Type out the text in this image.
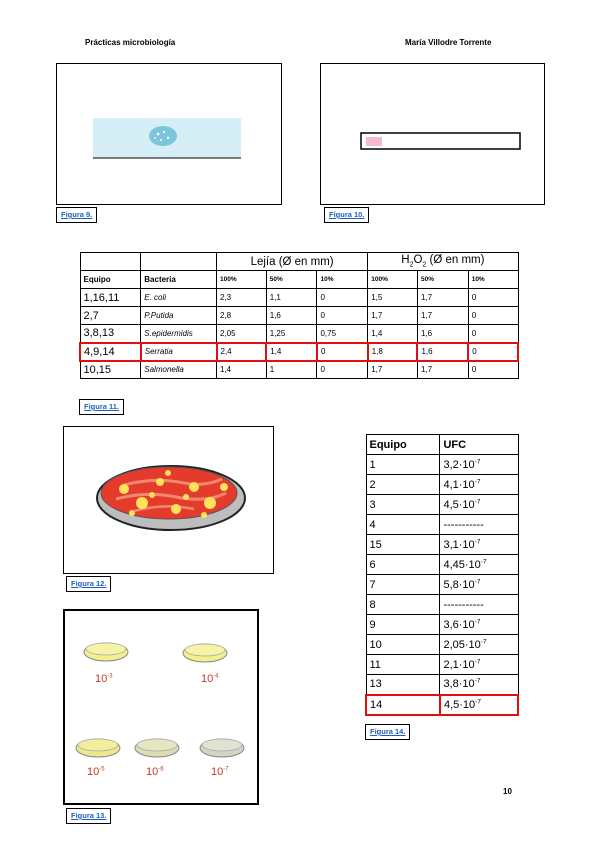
Prácticas microbiología	María Villodre Torrente
Figura 9.	Figura 10.
		Lejía (Ø en mm)			$H_2O_2$ (Ø en mm)		
Equipo	Bacteria	100%	50%	10%	100%	50%	10%
1,16,11	E. coli	2,3	1,1	0	1,5	1,7	0
2,7	P.Putida	2,8	1,6	0	1,7	1,7	0
3,8,13	S.epidermidis	2,05	1,25	0,75	1,4	1,6	0
4,9,14	Serratia	2,4	1,4	0	1,8	1,6	0
10,15	Salmonella	1,4	1	0	1,7	1,7	0
Figura 11.
Figura 12.
$10^{-3}$	$10^{-4}$
$10^{-5}$	$10^{-6}$	$10^{-7}$
Figura 13.
Equipo	UFC
1	$3,2\cdot 10^{-7}$
2	$4,1\cdot 10^{-7}$
3	$4,5\cdot 10^{-7}$
4	-----------
15	$3,1\cdot 10^{-7}$
6	$4,45\cdot 10^{-7}$
7	$5,8\cdot 10^{-7}$
8	-----------
9	$3,6\cdot 10^{-7}$
10	$2,05\cdot 10^{-7}$
11	$2,1\cdot 10^{-7}$
13	$3,8\cdot 10^{-7}$
14	$4,5\cdot 10^{-7}$
Figura 14.
10
